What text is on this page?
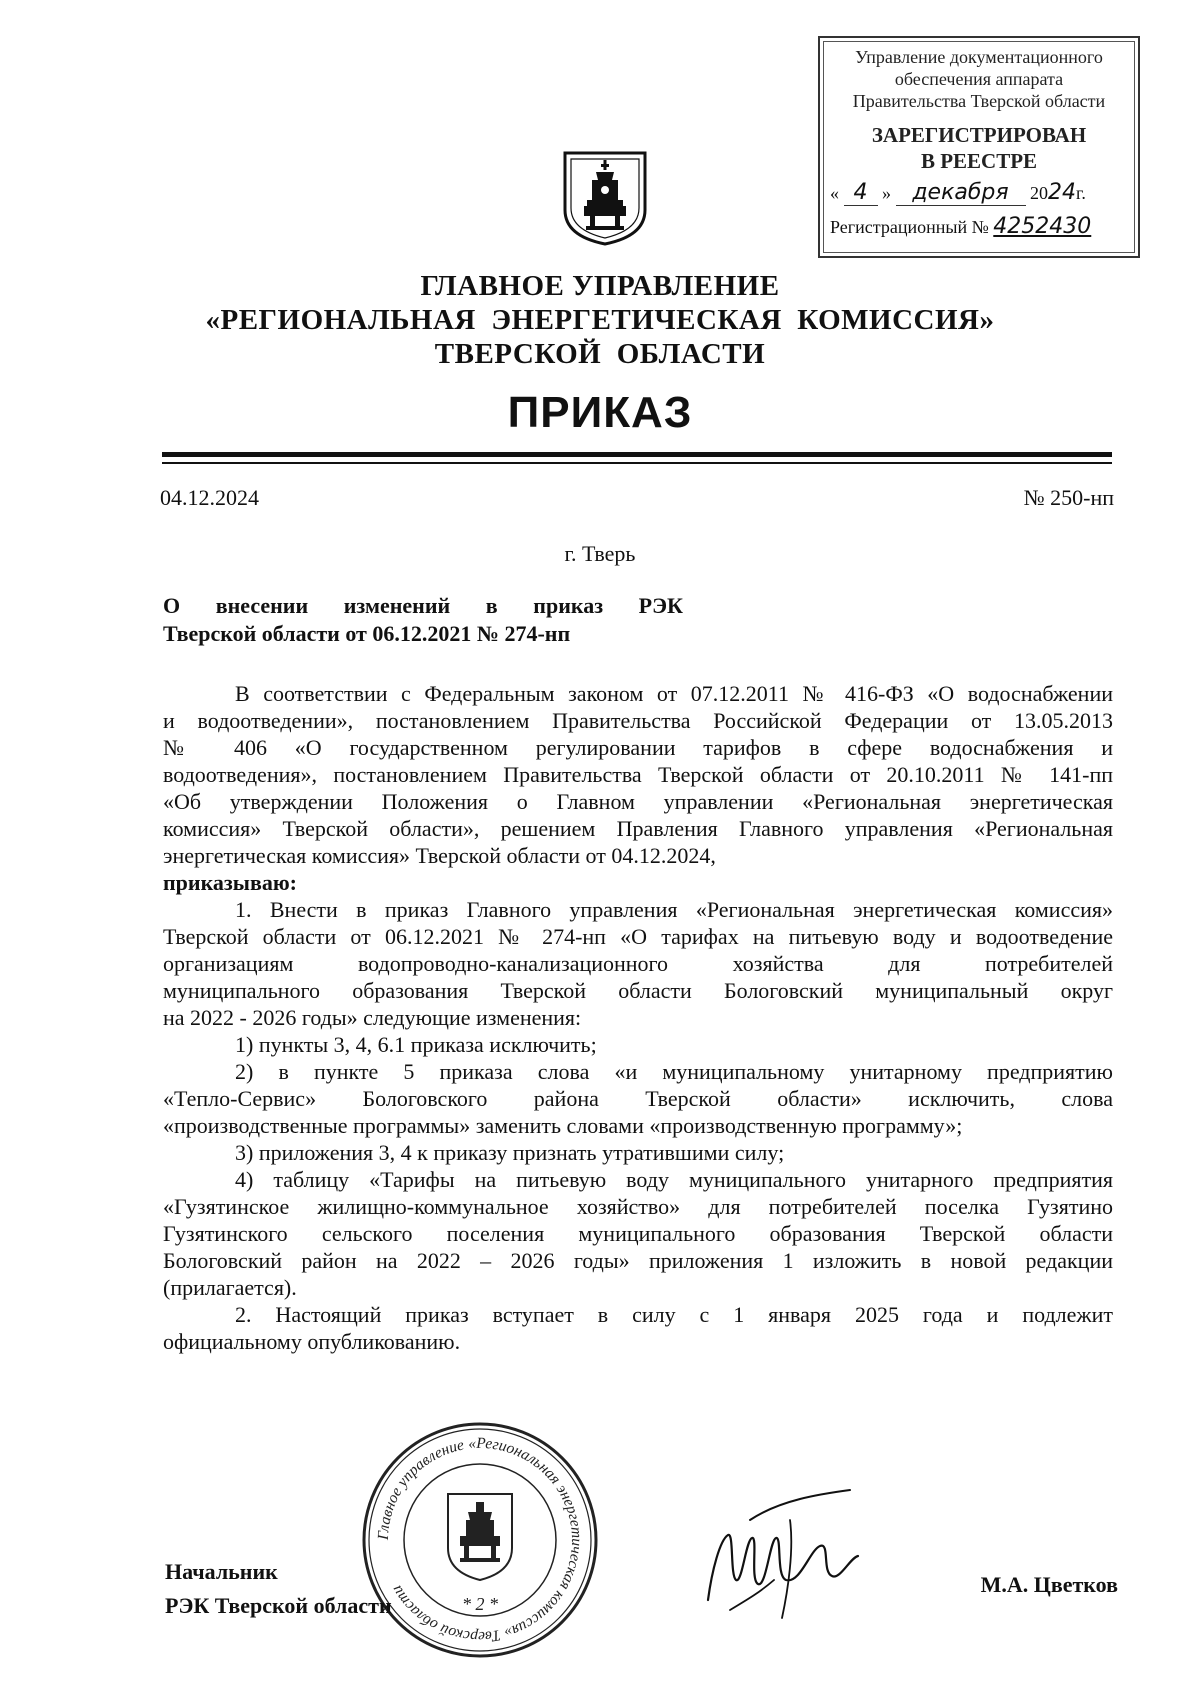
Управление документационного
обеспечения аппарата
Правительства Тверской области
ЗАРЕГИСТРИРОВАН
В РЕЕСТРЕ
« 4 » декабря 2024г.
Регистрационный № 4252430
ГЛАВНОЕ УПРАВЛЕНИЕ
«РЕГИОНАЛЬНАЯ  ЭНЕРГЕТИЧЕСКАЯ  КОМИССИЯ»
ТВЕРСКОЙ  ОБЛАСТИ
ПРИКАЗ
04.12.2024	№ 250-нп
г. Тверь
О внесении изменений в приказ РЭК
Тверской области от 06.12.2021 № 274-нп
В соответствии с Федеральным законом от 07.12.2011 № 416-ФЗ «О водоснабжении
и водоотведении», постановлением Правительства Российской Федерации от 13.05.2013
№ 406 «О государственном регулировании тарифов в сфере водоснабжения и
водоотведения», постановлением Правительства Тверской области от 20.10.2011 № 141-пп
«Об утверждении Положения о Главном управлении «Региональная энергетическая
комиссия» Тверской области», решением Правления Главного управления «Региональная
энергетическая комиссия» Тверской области от 04.12.2024,
приказываю:
1. Внести в приказ Главного управления «Региональная энергетическая комиссия»
Тверской области от 06.12.2021 № 274-нп «О тарифах на питьевую воду и водоотведение
организациям водопроводно-канализационного хозяйства для потребителей
муниципального образования Тверской области Бологовский муниципальный округ
на 2022 - 2026 годы» следующие изменения:
1) пункты 3, 4, 6.1 приказа исключить;
2) в пункте 5 приказа слова «и муниципальному унитарному предприятию
«Тепло-Сервис» Бологовского района Тверской области» исключить, слова
«производственные программы» заменить словами «производственную программу»;
3) приложения 3, 4 к приказу признать утратившими силу;
4) таблицу «Тарифы на питьевую воду муниципального унитарного предприятия
«Гузятинское жилищно-коммунальное хозяйство» для потребителей поселка Гузятино
Гузятинского сельского поселения муниципального образования Тверской области
Бологовский район на 2022 – 2026 годы» приложения 1 изложить в новой редакции
(прилагается).
2. Настоящий приказ вступает в силу с 1 января 2025 года и подлежит
официальному опубликованию.
Главное управление «Региональная энергетическая комиссия» Тверской области
* 2 *
Начальник
РЭК Тверской области
М.А. Цветков
